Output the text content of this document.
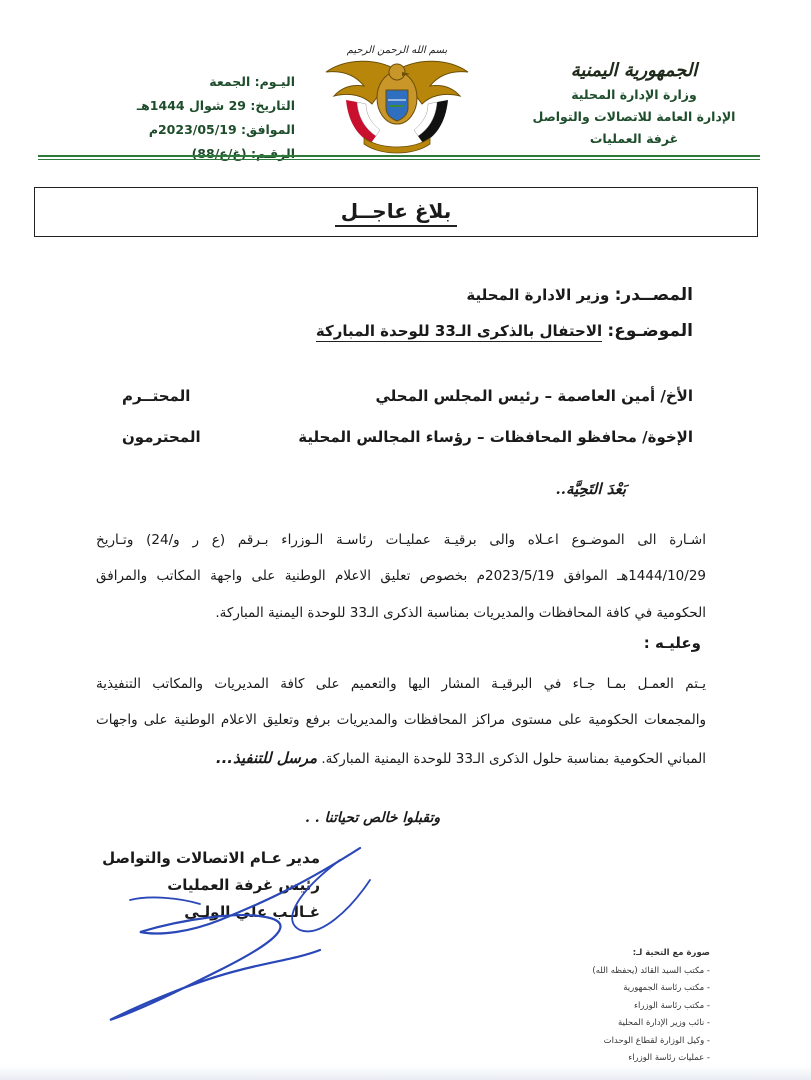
الجمهورية اليمنية
وزارة الإدارة المحلية
الإدارة العامة للاتصالات والتواصل
غرفة العمليات
بسم الله الرحمن الرحيم
اليـوم: الجمعة
التاريخ: 29 شوال 1444هـ
الموافق: 2023/05/19م
الرقـم: (غ/ع/88)
بلاغ عاجــل
المصــدر: وزير الادارة المحلية
الموضـوع: الاحتفال بالذكرى الـ33 للوحدة المباركة
الأخ/ أمين العاصمة – رئيس المجلس المحلي
المحتــرم
الإخوة/ محافظو المحافظات – رؤساء المجالس المحلية
المحترمون
بَعْدَ التَحِيَّة..
اشـارة الى الموضـوع اعـلاه والى برقيـة عمليـات رئاسـة الـوزراء بـرقم (ع ر و/24) وتـاريخ
1444/10/29هـ الموافق 2023/5/19م بخصوص تعليق الاعلام الوطنية على واجهة المكاتب والمرافق
الحكومية في كافة المحافظات والمديريات بمناسبة الذكرى الـ33 للوحدة اليمنية المباركة.
وعليـه :
يـتم العمـل بمـا جـاء في البرقيـة المشار اليها والتعميم على كافة المديريات والمكاتب التنفيذية
والمجمعات الحكومية على مستوى مراكز المحافظات والمديريات برفع وتعليق الاعلام الوطنية على واجهات
المباني الحكومية بمناسبة حلول الذكرى الـ33 للوحدة اليمنية المباركة. مرسل للتنفيذ...
وتقبلوا خالص تحياتنا . .
مدير عـام الاتصالات والتواصل
رئيس غرفة العمليات
غـالـب علي الولـي
صورة مع التحية لـ:
- مكتب السيد القائد (يحفظه الله)
- مكتب رئاسة الجمهورية
- مكتب رئاسة الوزراء
- نائب وزير الإدارة المحلية
- وكيل الوزارة لقطاع الوحدات
- عمليات رئاسة الوزراء
